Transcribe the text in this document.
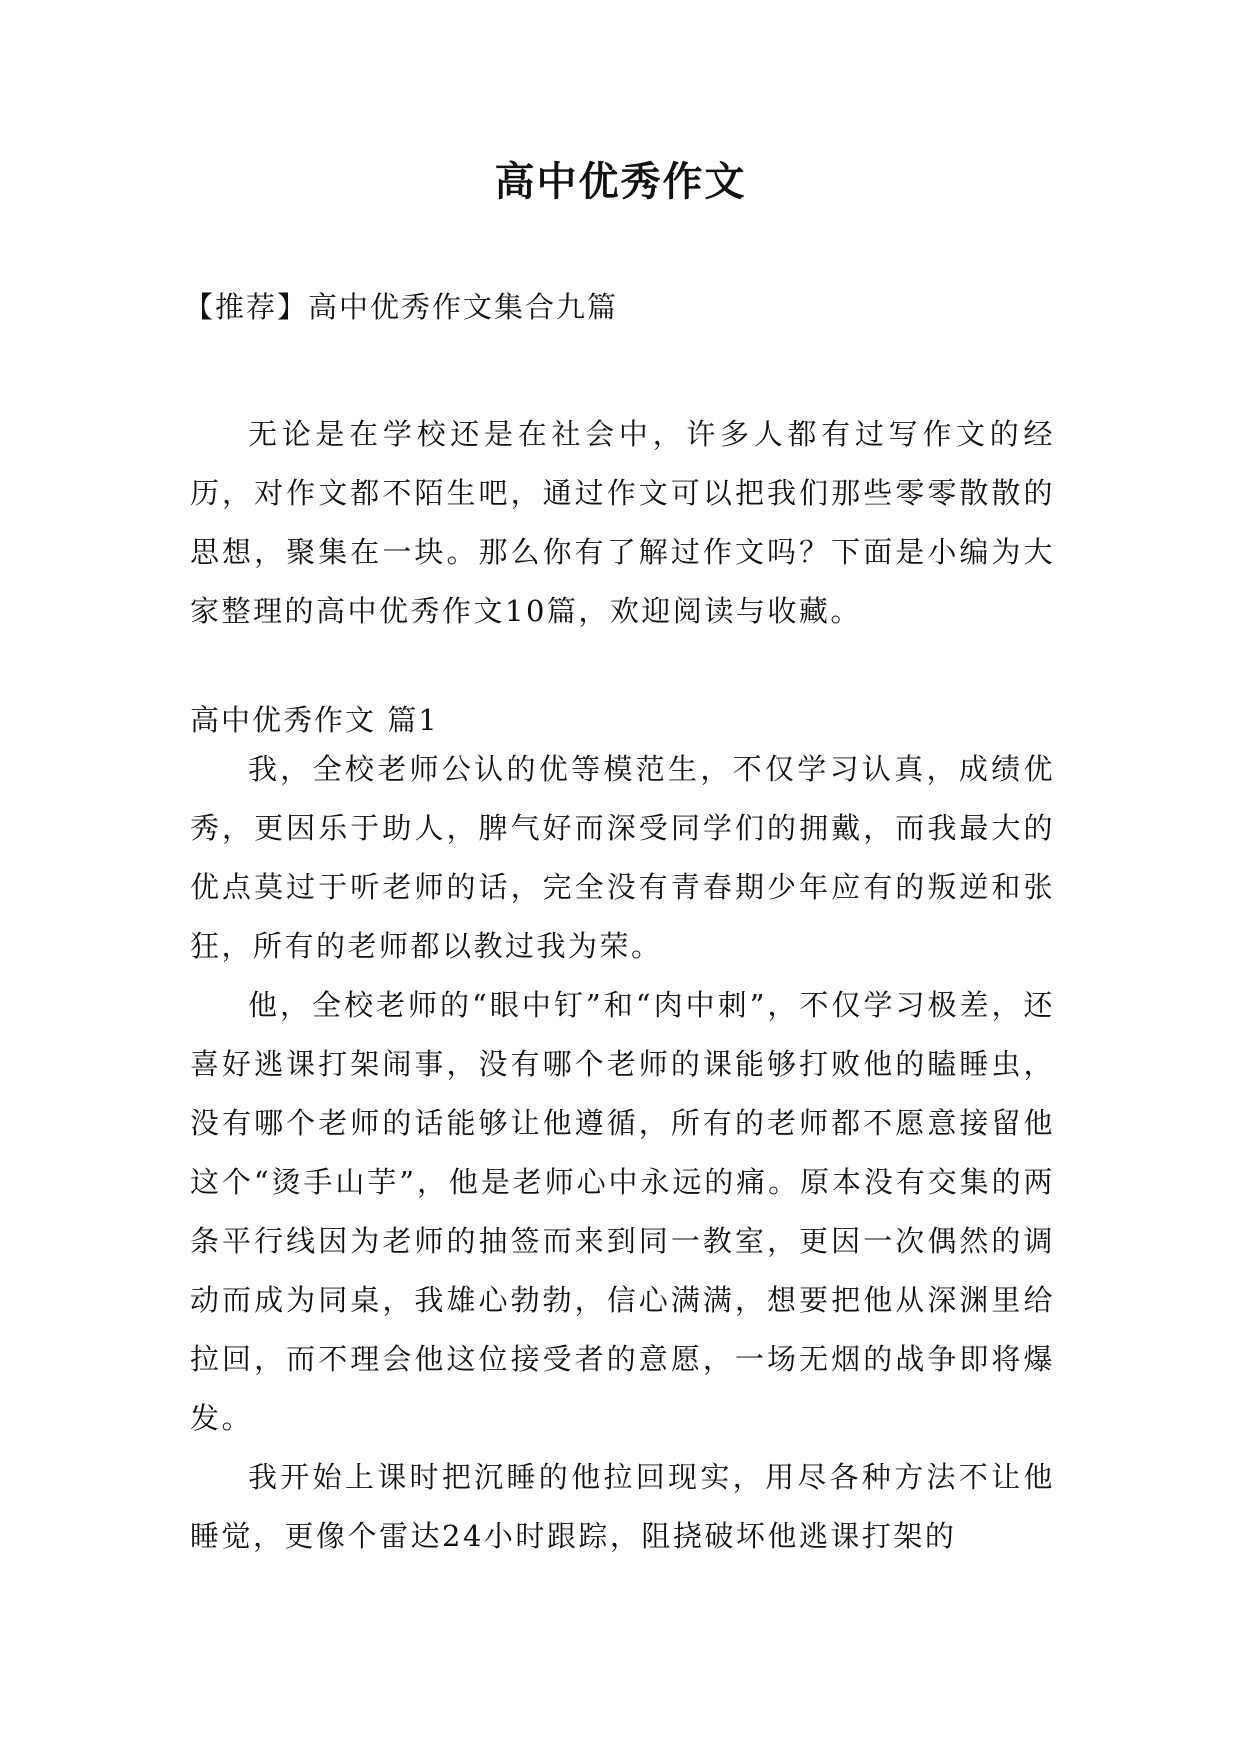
高中优秀作文
【推荐】高中优秀作文集合九篇

无论是在学校还是在社会中，许多人都有过写作文的经历，对作文都不陌生吧，通过作文可以把我们那些零零散散的思想，聚集在一块。那么你有了解过作文吗？下面是小编为大家整理的高中优秀作文10篇，欢迎阅读与收藏。

高中优秀作文 篇1

我，全校老师公认的优等模范生，不仅学习认真，成绩优秀，更因乐于助人，脾气好而深受同学们的拥戴，而我最大的优点莫过于听老师的话，完全没有青春期少年应有的叛逆和张狂，所有的老师都以教过我为荣。

他，全校老师的“眼中钉”和“肉中刺”，不仅学习极差，还喜好逃课打架闹事，没有哪个老师的课能够打败他的瞌睡虫，没有哪个老师的话能够让他遵循，所有的老师都不愿意接留他这个“烫手山芋”，他是老师心中永远的痛。原本没有交集的两条平行线因为老师的抽签而来到同一教室，更因一次偶然的调动而成为同桌，我雄心勃勃，信心满满，想要把他从深渊里给拉回，而不理会他这位接受者的意愿，一场无烟的战争即将爆发。

我开始上课时把沉睡的他拉回现实，用尽各种方法不让他睡觉，更像个雷达24小时跟踪，阻挠破坏他逃课打架的
